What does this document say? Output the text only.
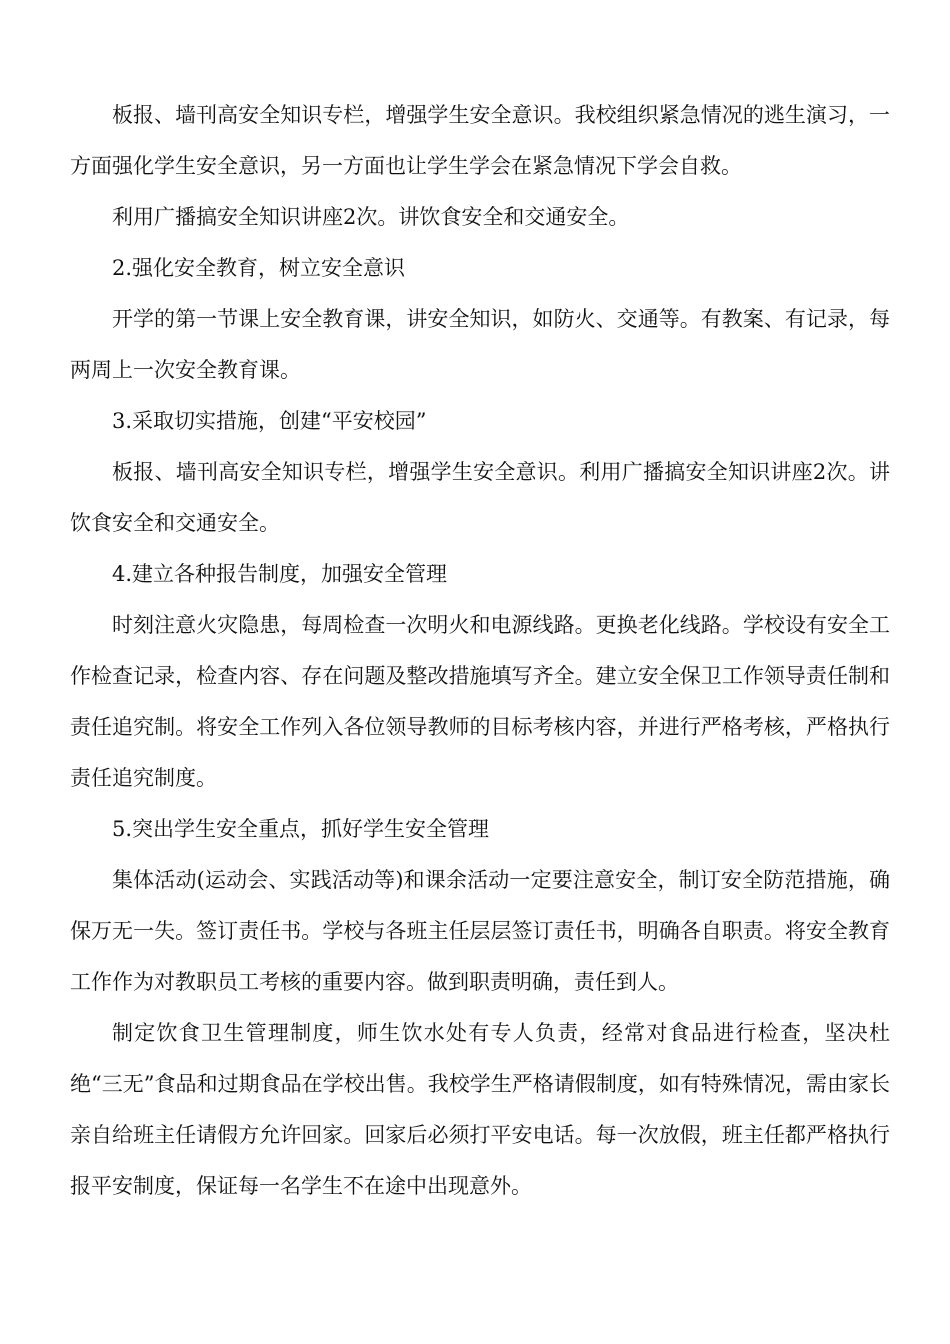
板报、墙刊高安全知识专栏，增强学生安全意识。我校组织紧急情况的逃生演习，一方面强化学生安全意识，另一方面也让学生学会在紧急情况下学会自救。

利用广播搞安全知识讲座2次。讲饮食安全和交通安全。

2.强化安全教育，树立安全意识

开学的第一节课上安全教育课，讲安全知识，如防火、交通等。有教案、有记录，每两周上一次安全教育课。

3.采取切实措施，创建“平安校园”

板报、墙刊高安全知识专栏，增强学生安全意识。利用广播搞安全知识讲座2次。讲饮食安全和交通安全。

4.建立各种报告制度，加强安全管理

时刻注意火灾隐患，每周检查一次明火和电源线路。更换老化线路。学校设有安全工作检查记录，检查内容、存在问题及整改措施填写齐全。建立安全保卫工作领导责任制和责任追究制。将安全工作列入各位领导教师的目标考核内容，并进行严格考核，严格执行责任追究制度。

5.突出学生安全重点，抓好学生安全管理

集体活动(运动会、实践活动等)和课余活动一定要注意安全，制订安全防范措施，确保万无一失。签订责任书。学校与各班主任层层签订责任书，明确各自职责。将安全教育工作作为对教职员工考核的重要内容。做到职责明确，责任到人。

制定饮食卫生管理制度，师生饮水处有专人负责，经常对食品进行检查，坚决杜绝“三无”食品和过期食品在学校出售。我校学生严格请假制度，如有特殊情况，需由家长亲自给班主任请假方允许回家。回家后必须打平安电话。每一次放假，班主任都严格执行报平安制度，保证每一名学生不在途中出现意外。
